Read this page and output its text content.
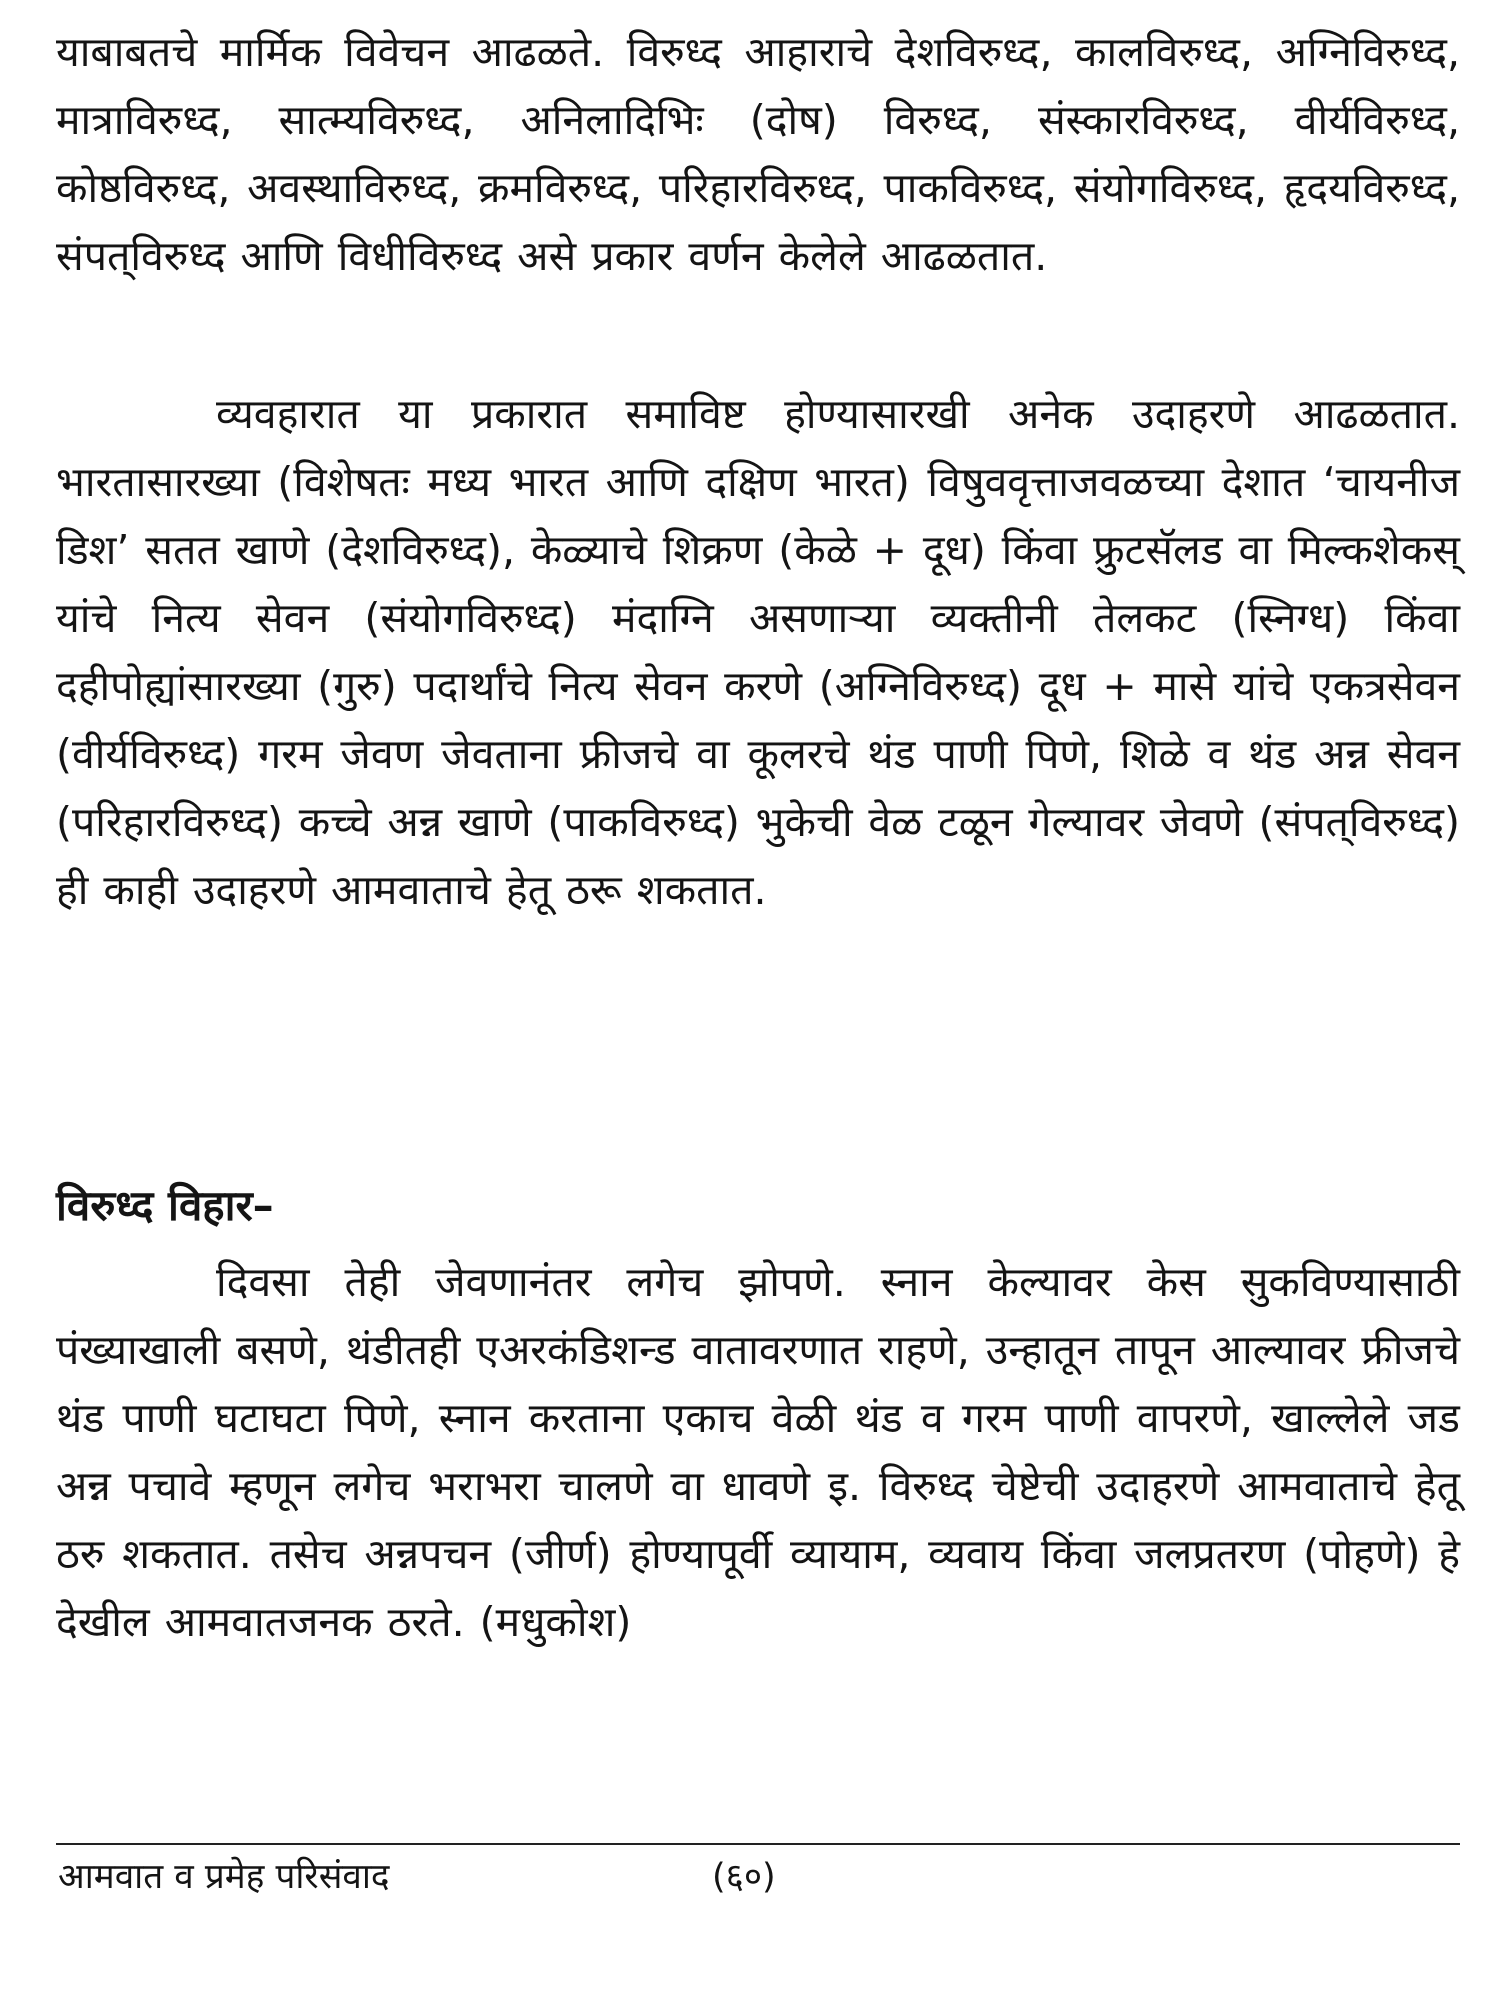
याबाबतचे मार्मिक विवेचन आढळते. विरुध्द आहाराचे देशविरुध्द, कालविरुध्द, अग्निविरुध्द, मात्राविरुध्द, सात्म्यविरुध्द, अनिलादिभिः (दोष) विरुध्द, संस्कारविरुध्द, वीर्यविरुध्द, कोष्ठविरुध्द, अवस्थाविरुध्द, क्रमविरुध्द, परिहारविरुध्द, पाकविरुध्द, संयोगविरुध्द, हृदयविरुध्द, संपत्‌विरुध्द आणि विधीविरुध्द असे प्रकार वर्णन केलेले आढळतात.

व्यवहारात या प्रकारात समाविष्ट होण्यासारखी अनेक उदाहरणे आढळतात. भारतासारख्या (विशेषतः मध्य भारत आणि दक्षिण भारत) विषुववृत्ताजवळच्या देशात ‘चायनीज डिश’ सतत खाणे (देशविरुध्द), केळ्याचे शिक्रण (केळे + दूध) किंवा फ्रुटसॅलड वा मिल्कशेकस्‌ यांचे नित्य सेवन (संयोगविरुध्द) मंदाग्नि असणाऱ्या व्यक्तीनी तेलकट (स्निग्ध) किंवा दहीपोह्यांसारख्या (गुरु) पदार्थांचे नित्य सेवन करणे (अग्निविरुध्द) दूध + मासे यांचे एकत्रसेवन (वीर्यविरुध्द) गरम जेवण जेवताना फ्रीजचे वा कूलरचे थंड पाणी पिणे, शिळे व थंड अन्न सेवन (परिहारविरुध्द) कच्चे अन्न खाणे (पाकविरुध्द) भुकेची वेळ टळून गेल्यावर जेवणे (संपत्‌विरुध्द) ही काही उदाहरणे आमवाताचे हेतू ठरू शकतात.

विरुध्द विहार–

दिवसा तेही जेवणानंतर लगेच झोपणे. स्नान केल्यावर केस सुकविण्यासाठी पंख्याखाली बसणे, थंडीतही एअरकंडिशन्ड वातावरणात राहणे, उन्हातून तापून आल्यावर फ्रीजचे थंड पाणी घटाघटा पिणे, स्नान करताना एकाच वेळी थंड व गरम पाणी वापरणे, खाल्लेले जड अन्न पचावे म्हणून लगेच भराभरा चालणे वा धावणे इ. विरुध्द चेष्टेची उदाहरणे आमवाताचे हेतू ठरु शकतात. तसेच अन्नपचन (जीर्ण) होण्यापूर्वी व्यायाम, व्यवाय किंवा जलप्रतरण (पोहणे) हे देखील आमवातजनक ठरते. (मधुकोश)

आमवात व प्रमेह परिसंवाद	(६०)
